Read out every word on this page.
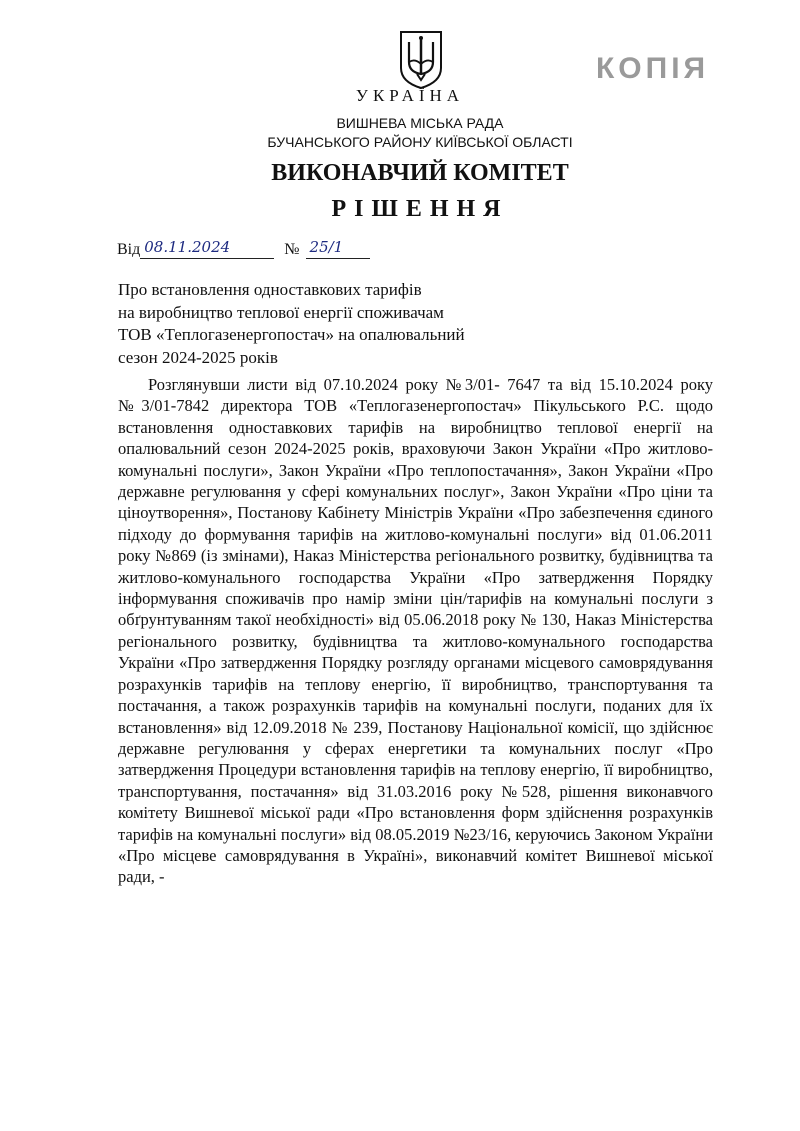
КОПІЯ
УКРАЇНА
ВИШНЕВА МІСЬКА РАДА
БУЧАНСЬКОГО РАЙОНУ КИЇВСЬКОЇ ОБЛАСТІ
ВИКОНАВЧИЙ КОМІТЕТ
РІШЕННЯ
Від 08.11.2024	№ 25/1
Про встановлення одноставкових тарифів
на виробництво теплової енергії споживачам
ТОВ «Теплогазенергопостач» на опалювальний
сезон 2024-2025 років

Розглянувши листи від 07.10.2024 року №3/01- 7647 та від 15.10.2024 року №3/01-7842 директора ТОВ «Теплогазенергопостач» Пікульського Р.С. щодо встановлення одноставкових тарифів на виробництво теплової енергії на опалювальний сезон 2024-2025 років, враховуючи Закон України «Про житлово-комунальні послуги», Закон України «Про теплопостачання», Закон України «Про державне регулювання у сфері комунальних послуг», Закон України «Про ціни та ціноутворення», Постанову Кабінету Міністрів України «Про забезпечення єдиного підходу до формування тарифів на житлово-комунальні послуги» від 01.06.2011 року №869 (із змінами), Наказ Міністерства регіонального розвитку, будівництва та житлово-комунального господарства України «Про затвердження Порядку інформування споживачів про намір зміни цін/тарифів на комунальні послуги з обґрунтуванням такої необхідності» від 05.06.2018 року № 130, Наказ Міністерства регіонального розвитку, будівництва та житлово-комунального господарства України «Про затвердження Порядку розгляду органами місцевого самоврядування розрахунків тарифів на теплову енергію, її виробництво, транспортування та постачання, а також розрахунків тарифів на комунальні послуги, поданих для їх встановлення» від 12.09.2018 № 239, Постанову Національної комісії, що здійснює державне регулювання у сферах енергетики та комунальних послуг «Про затвердження Процедури встановлення тарифів на теплову енергію, її виробництво, транспортування, постачання» від 31.03.2016 року №528, рішення виконавчого комітету Вишневої міської ради «Про встановлення форм здійснення розрахунків тарифів на комунальні послуги» від 08.05.2019 №23/16, керуючись Законом України «Про місцеве самоврядування в Україні», виконавчий комітет Вишневої міської ради, -
